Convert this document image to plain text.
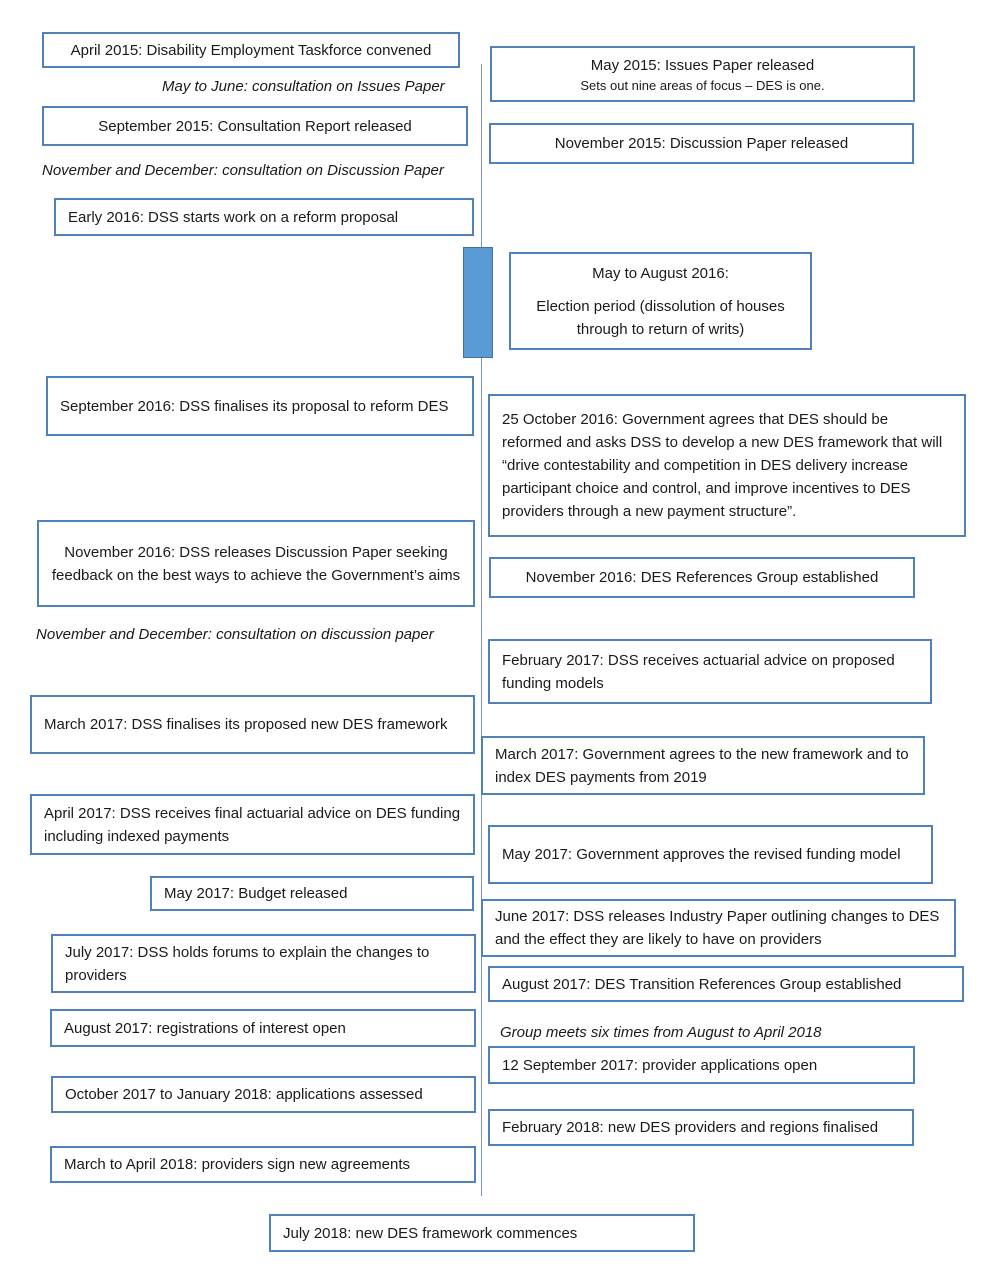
April 2015: Disability Employment Taskforce convened
May to June: consultation on Issues Paper
September 2015: Consultation Report released
November and December: consultation on Discussion Paper
Early 2016: DSS starts work on a reform proposal
September 2016: DSS finalises its proposal to reform DES
November 2016: DSS releases Discussion Paper seeking feedback on the best ways to achieve the Government’s aims
November and December: consultation on discussion paper
March 2017: DSS finalises its proposed new DES framework
April 2017: DSS receives final actuarial advice on DES funding including indexed payments
May 2017: Budget released
July 2017: DSS holds forums to explain the changes to providers
August 2017: registrations of interest open
October 2017 to January 2018: applications assessed
March to April 2018: providers sign new agreements
May 2015: Issues Paper released
Sets out nine areas of focus – DES is one.
November 2015: Discussion Paper released
May to August 2016:
Election period (dissolution of houses through to return of writs)
25 October 2016: Government agrees that DES should be reformed and asks DSS to develop a new DES framework that will “drive contestability and competition in DES delivery increase participant choice and control, and improve incentives to DES providers through a new payment structure”.
November 2016: DES References Group established
February 2017: DSS receives actuarial advice on proposed funding models
March 2017: Government agrees to the new framework and to index DES payments from 2019
May 2017: Government approves the revised funding model
June 2017: DSS releases Industry Paper outlining changes to DES and the effect they are likely to have on providers
August 2017: DES Transition References Group established
Group meets six times from August to April 2018
12 September 2017: provider applications open
February 2018: new DES providers and regions finalised
July 2018: new DES framework commences
